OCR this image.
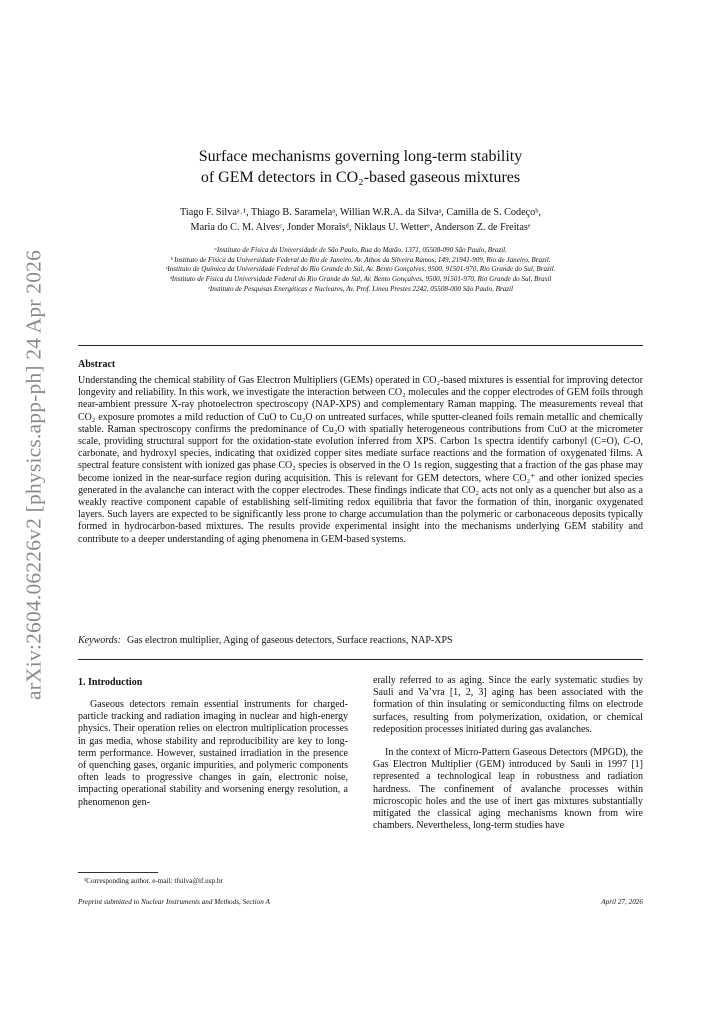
arXiv:2604.06226v2 [physics.app-ph] 24 Apr 2026
Surface mechanisms governing long-term stability
of GEM detectors in CO₂-based gaseous mixtures
Tiago F. Silvaᵃ˒¹, Thiago B. Saramelaᵃ, Willian W.R.A. da Silvaᵃ, Camilla de S. Codeçoᵇ,
Maria do C. M. Alvesᶜ, Jonder Moraisᵈ, Niklaus U. Wetterᵉ, Anderson Z. de Freitasᵉ
ᵃInstituto de Física da Universidade de São Paulo, Rua do Matão, 1371, 05508-090 São Paulo, Brazil.
ᵇ Instituto de Física da Universidade Federal do Rio de Janeiro, Av. Athos da Silveira Ramos, 149, 21941-909, Rio de Janeiro, Brazil.
ᶜInstituto de Química da Universidade Federal do Rio Grande do Sul, Av. Bento Gonçalves, 9500, 91501-970, Rio Grande do Sul, Brazil.
ᵈInstituto de Física da Universidade Federal do Rio Grande do Sul, Av. Bento Gonçalves, 9500, 91501-970, Rio Grande do Sul, Brasil
ᵉInstituto de Pesquisas Energéticas e Nucleares, Av. Prof. Lineu Prestes 2242, 05508-000 São Paulo, Brazil
Abstract
Understanding the chemical stability of Gas Electron Multipliers (GEMs) operated in CO₂-based mixtures is essential for improving detector longevity and reliability. In this work, we investigate the interaction between CO₂ molecules and the copper electrodes of GEM foils through near-ambient pressure X-ray photoelectron spectroscopy (NAP-XPS) and complementary Raman mapping. The measurements reveal that CO₂ exposure promotes a mild reduction of CuO to Cu₂O on untreated surfaces, while sputter-cleaned foils remain metallic and chemically stable. Raman spectroscopy confirms the predominance of Cu₂O with spatially heterogeneous contributions from CuO at the micrometer scale, providing structural support for the oxidation-state evolution inferred from XPS. Carbon 1s spectra identify carbonyl (C=O), C-O, carbonate, and hydroxyl species, indicating that oxidized copper sites mediate surface reactions and the formation of oxygenated films. A spectral feature consistent with ionized gas phase CO₂ species is observed in the O 1s region, suggesting that a fraction of the gas phase may become ionized in the near-surface region during acquisition. This is relevant for GEM detectors, where CO₂⁺ and other ionized species generated in the avalanche can interact with the copper electrodes. These findings indicate that CO₂ acts not only as a quencher but also as a weakly reactive component capable of establishing self-limiting redox equilibria that favor the formation of thin, inorganic oxygenated layers. Such layers are expected to be significantly less prone to charge accumulation than the polymeric or carbonaceous deposits typically formed in hydrocarbon-based mixtures. The results provide experimental insight into the mechanisms underlying GEM stability and contribute to a deeper understanding of aging phenomena in GEM-based systems.
Keywords: Gas electron multiplier, Aging of gaseous detectors, Surface reactions, NAP-XPS
1. Introduction

Gaseous detectors remain essential instruments for charged-particle tracking and radiation imaging in nuclear and high-energy physics. Their operation relies on electron multiplication processes in gas media, whose stability and reproducibility are key to long-term performance. However, sustained irradiation in the presence of quenching gases, organic impurities, and polymeric components often leads to progressive changes in gain, electronic noise, impacting operational stability and worsening energy resolution, a phenomenon gen-

erally referred to as aging. Since the early systematic studies by Sauli and Va’vra [1, 2, 3] aging has been associated with the formation of thin insulating or semiconducting films on electrode surfaces, resulting from polymerization, oxidation, or chemical redeposition processes initiated during gas avalanches.

In the context of Micro-Pattern Gaseous Detectors (MPGD), the Gas Electron Multiplier (GEM) introduced by Sauli in 1997 [1] represented a technological leap in robustness and radiation hardness. The confinement of avalanche processes within microscopic holes and the use of inert gas mixtures substantially mitigated the classical aging mechanisms known from wire chambers. Nevertheless, long-term studies have

¹Corresponding author. e-mail: tfsilva@if.usp.br
Preprint submitted to Nuclear Instruments and Methods, Section A	April 27, 2026
